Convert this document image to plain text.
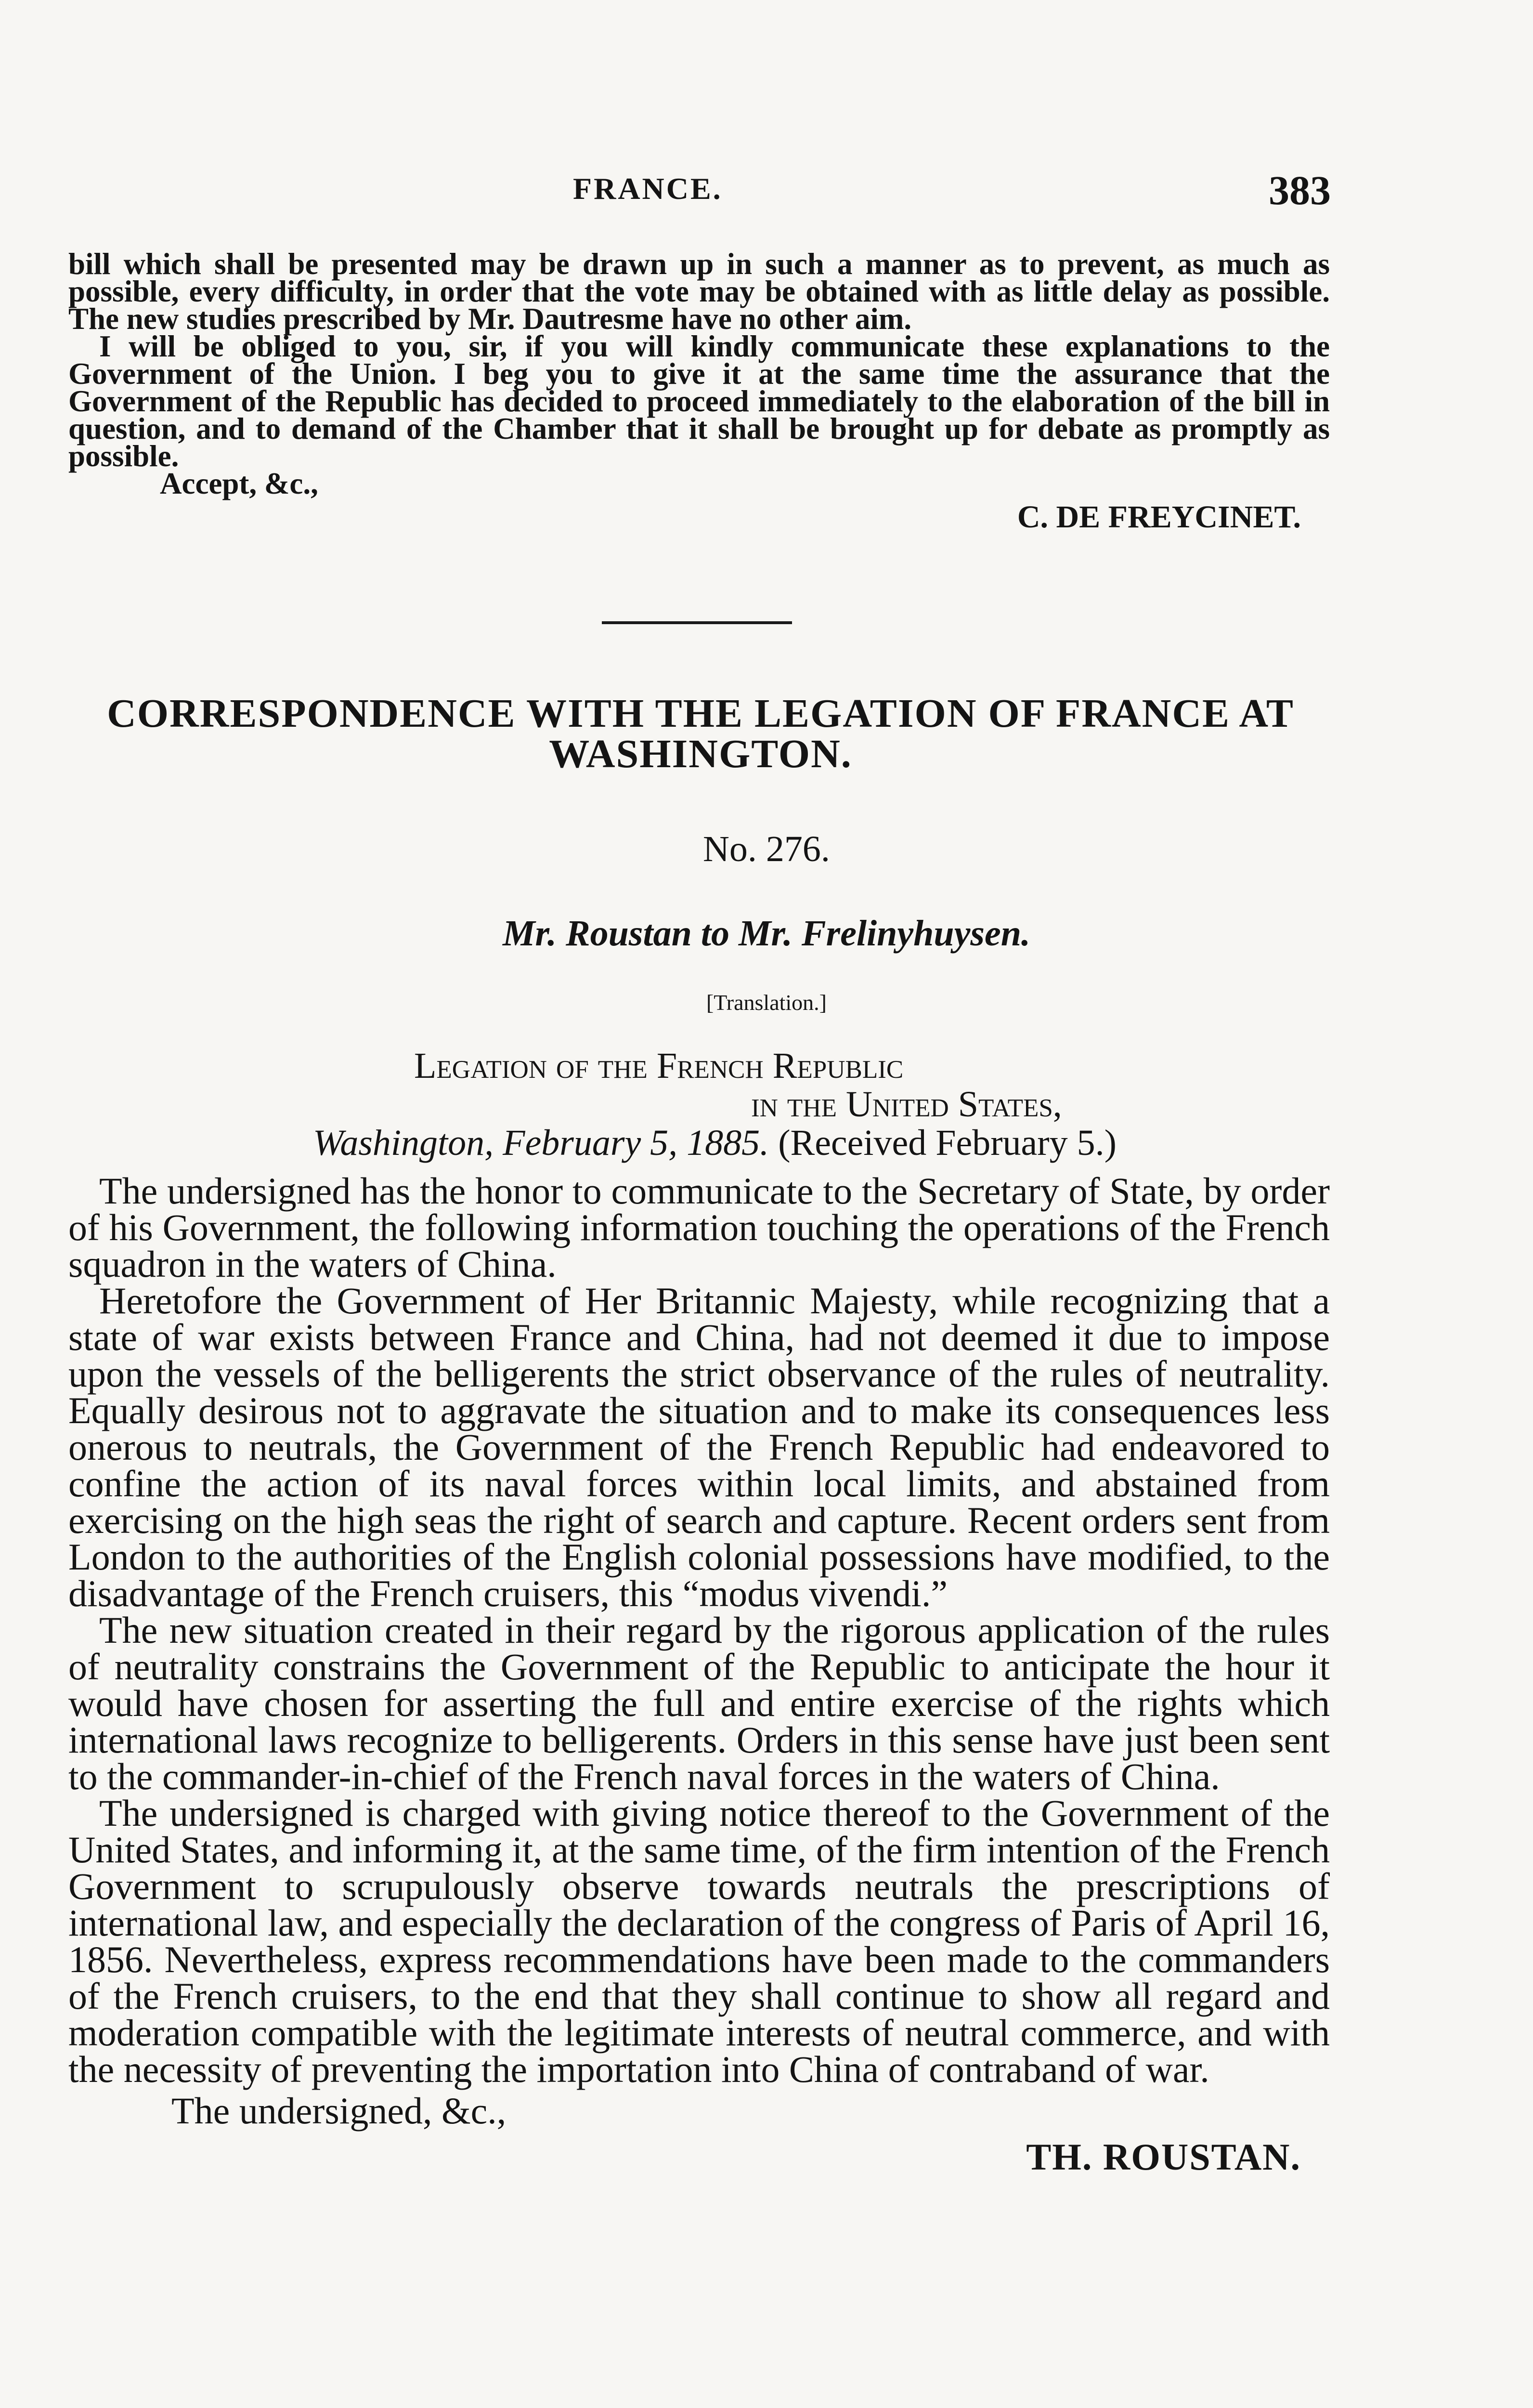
FRANCE.	383

bill which shall be presented may be drawn up in such a manner as to prevent, as much as possible, every difficulty, in order that the vote may be obtained with as little delay as possible. The new studies prescribed by Mr. Dautresme have no other aim.

I will be obliged to you, sir, if you will kindly communicate these explanations to the Government of the Union. I beg you to give it at the same time the assurance that the Government of the Republic has decided to proceed immediately to the elaboration of the bill in question, and to demand of the Chamber that it shall be brought up for debate as promptly as possible.

Accept, &c.,

C. DE FREYCINET.

CORRESPONDENCE WITH THE LEGATION OF FRANCE AT WASHINGTON.
No. 276.
Mr. Roustan to Mr. Frelinyhuysen.
[Translation.]
Legation of the French Republic
in the United States,
Washington, February 5, 1885. (Received February 5.)

The undersigned has the honor to communicate to the Secretary of State, by order of his Government, the following information touching the operations of the French squadron in the waters of China.

Heretofore the Government of Her Britannic Majesty, while recognizing that a state of war exists between France and China, had not deemed it due to impose upon the vessels of the belligerents the strict observance of the rules of neutrality. Equally desirous not to aggravate the situation and to make its consequences less onerous to neutrals, the Government of the French Republic had endeavored to confine the action of its naval forces within local limits, and abstained from exercising on the high seas the right of search and capture. Recent orders sent from London to the authorities of the English colonial possessions have modified, to the disadvantage of the French cruisers, this “modus vivendi.”

The new situation created in their regard by the rigorous application of the rules of neutrality constrains the Government of the Republic to anticipate the hour it would have chosen for asserting the full and entire exercise of the rights which international laws recognize to belligerents. Orders in this sense have just been sent to the commander-in-chief of the French naval forces in the waters of China.

The undersigned is charged with giving notice thereof to the Government of the United States, and informing it, at the same time, of the firm intention of the French Government to scrupulously observe towards neutrals the prescriptions of international law, and especially the declaration of the congress of Paris of April 16, 1856. Nevertheless, express recommendations have been made to the commanders of the French cruisers, to the end that they shall continue to show all regard and moderation compatible with the legitimate interests of neutral commerce, and with the necessity of preventing the importation into China of contraband of war.

The undersigned, &c.,

TH. ROUSTAN.
